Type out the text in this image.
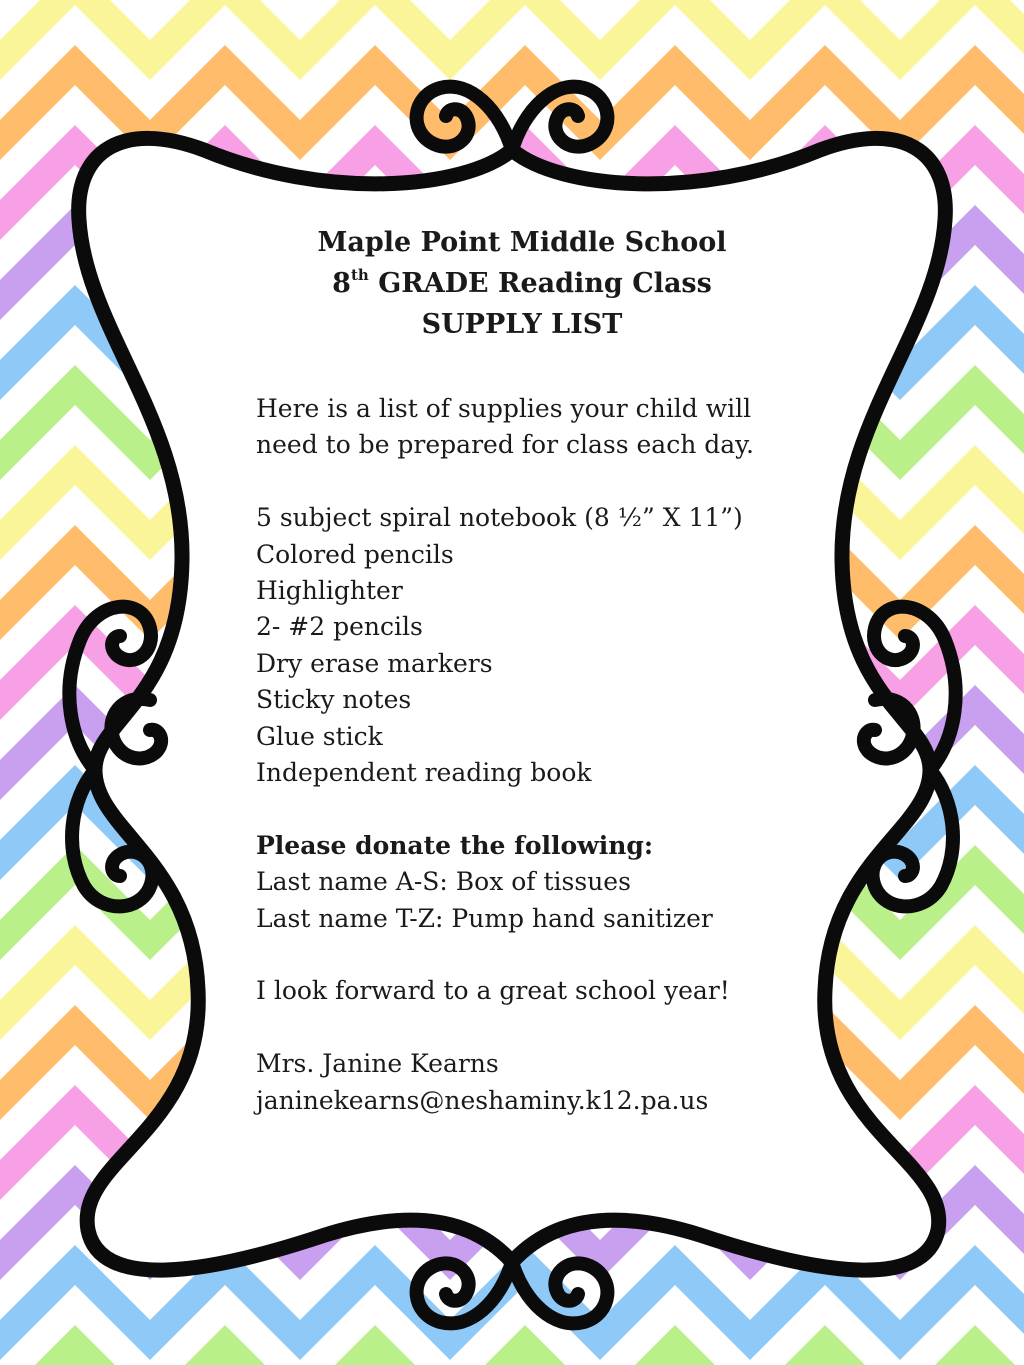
Maple Point Middle School
8th GRADE Reading Class
SUPPLY LIST
Here is a list of supplies your child will
need to be prepared for class each day.
5 subject spiral notebook (8 ½” X 11”)
Colored pencils
Highlighter
2- #2 pencils
Dry erase markers
Sticky notes
Glue stick
Independent reading book
Please donate the following:
Last name A-S: Box of tissues
Last name T-Z: Pump hand sanitizer
I look forward to a great school year!
Mrs. Janine Kearns
janinekearns@neshaminy.k12.pa.us
